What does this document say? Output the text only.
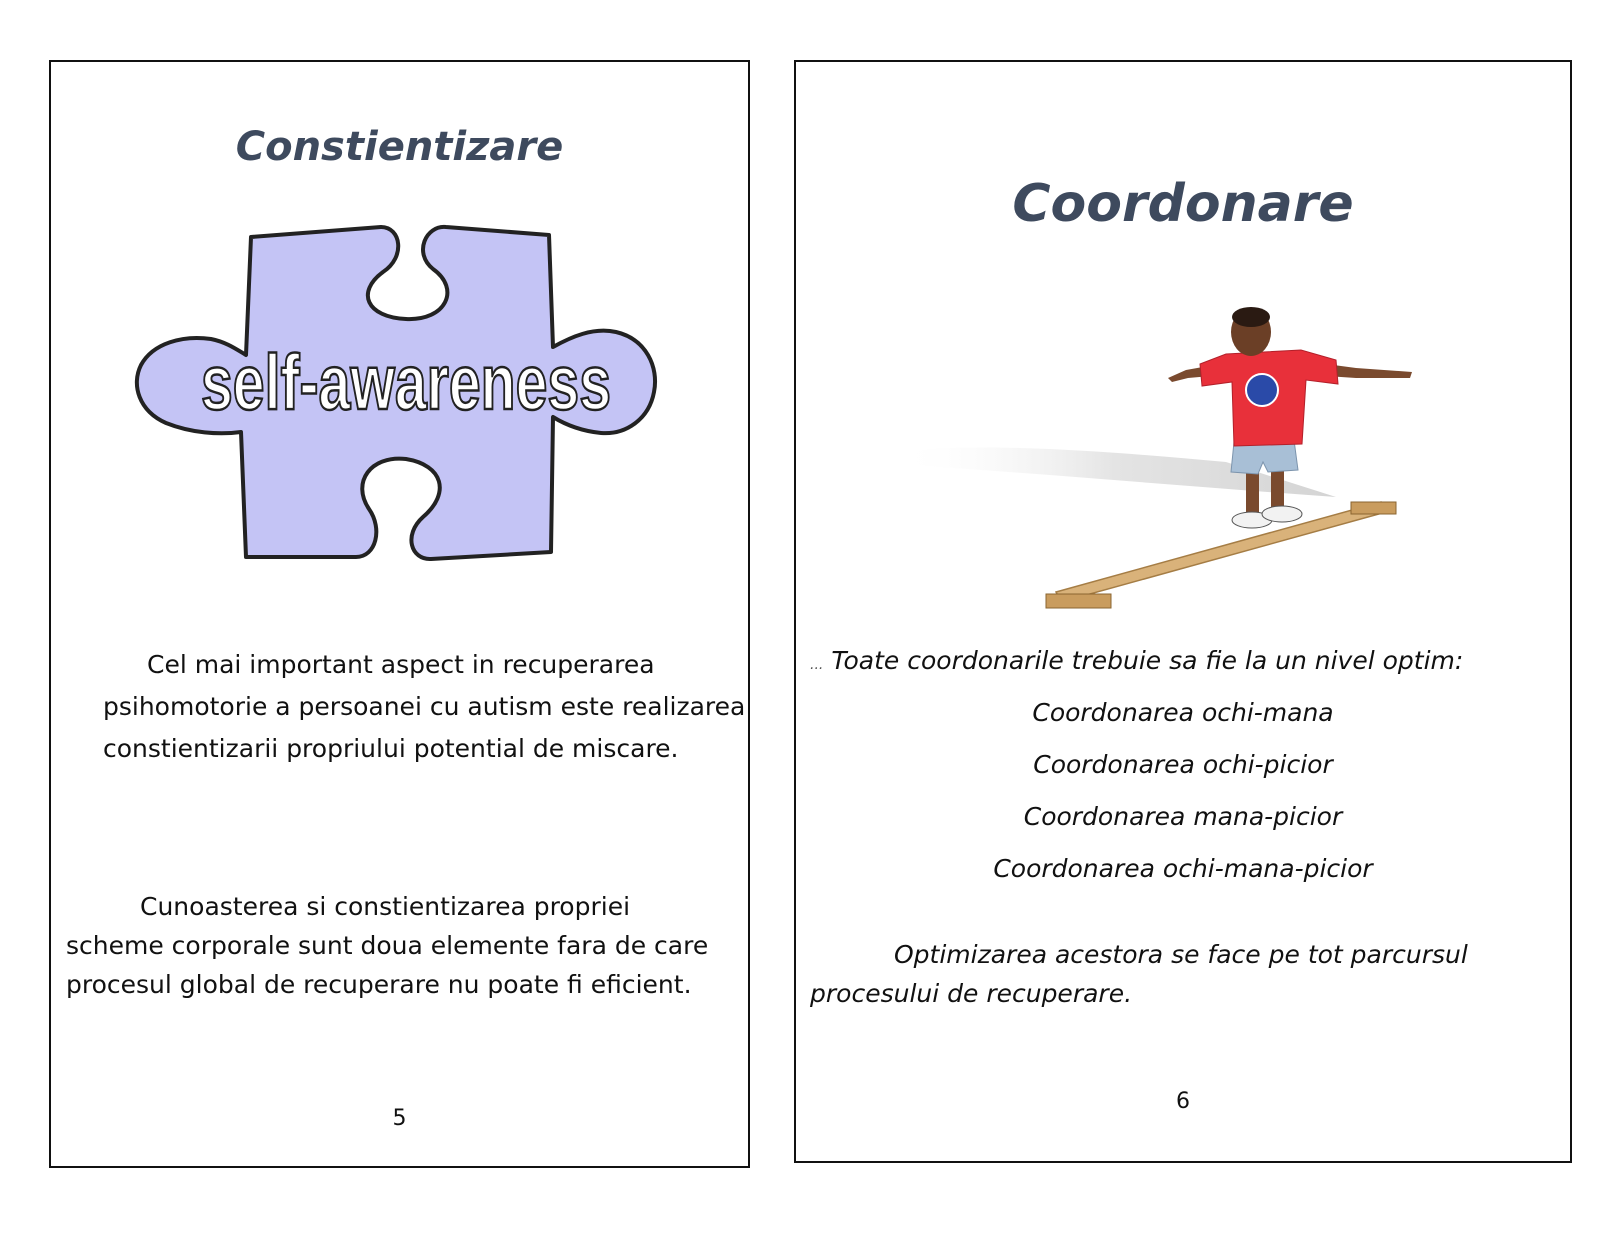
Constientizare
self-awareness

Cel mai important aspect in recuperarea psihomotorie a persoanei cu autism este realizarea constientizarii propriului potential de miscare.

Cunoasterea si constientizarea propriei scheme corporale sunt doua elemente fara de care procesul global de recuperare nu poate fi eficient.

5
Coordonare
... Toate coordonarile trebuie sa fie la un nivel optim:
Coordonarea ochi-mana
Coordonarea ochi-picior
Coordonarea mana-picior
Coordonarea ochi-mana-picior

Optimizarea acestora se face pe tot parcursul procesului de recuperare.

6
